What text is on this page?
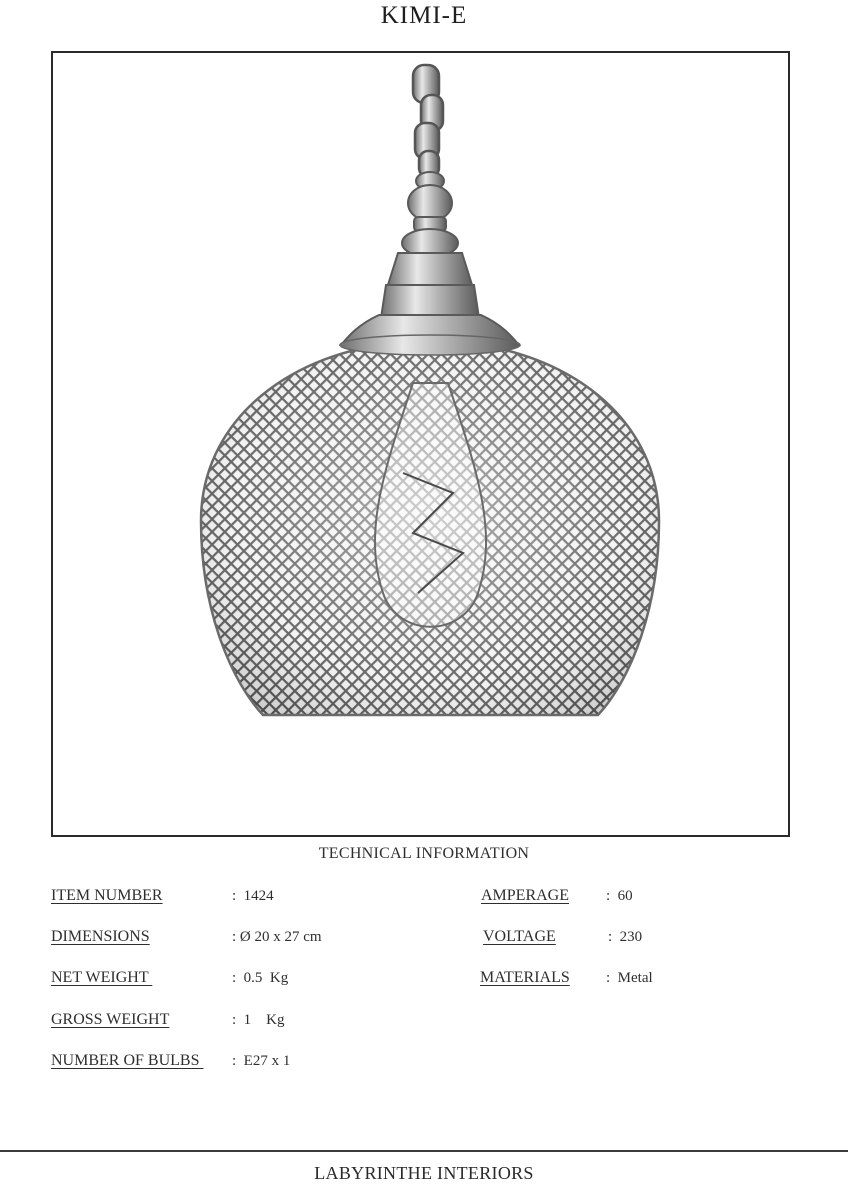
KIMI-E
TECHNICAL INFORMATION
ITEM NUMBER	:  1424
DIMENSIONS	: Ø 20 x 27 cm
NET WEIGHT	:  0.5  Kg
GROSS WEIGHT	:  1    Kg
NUMBER OF BULBS :  E27 x 1
AMPERAGE :  60
VOLTAGE	:  230
MATERIALS :  Metal
LABYRINTHE INTERIORS
